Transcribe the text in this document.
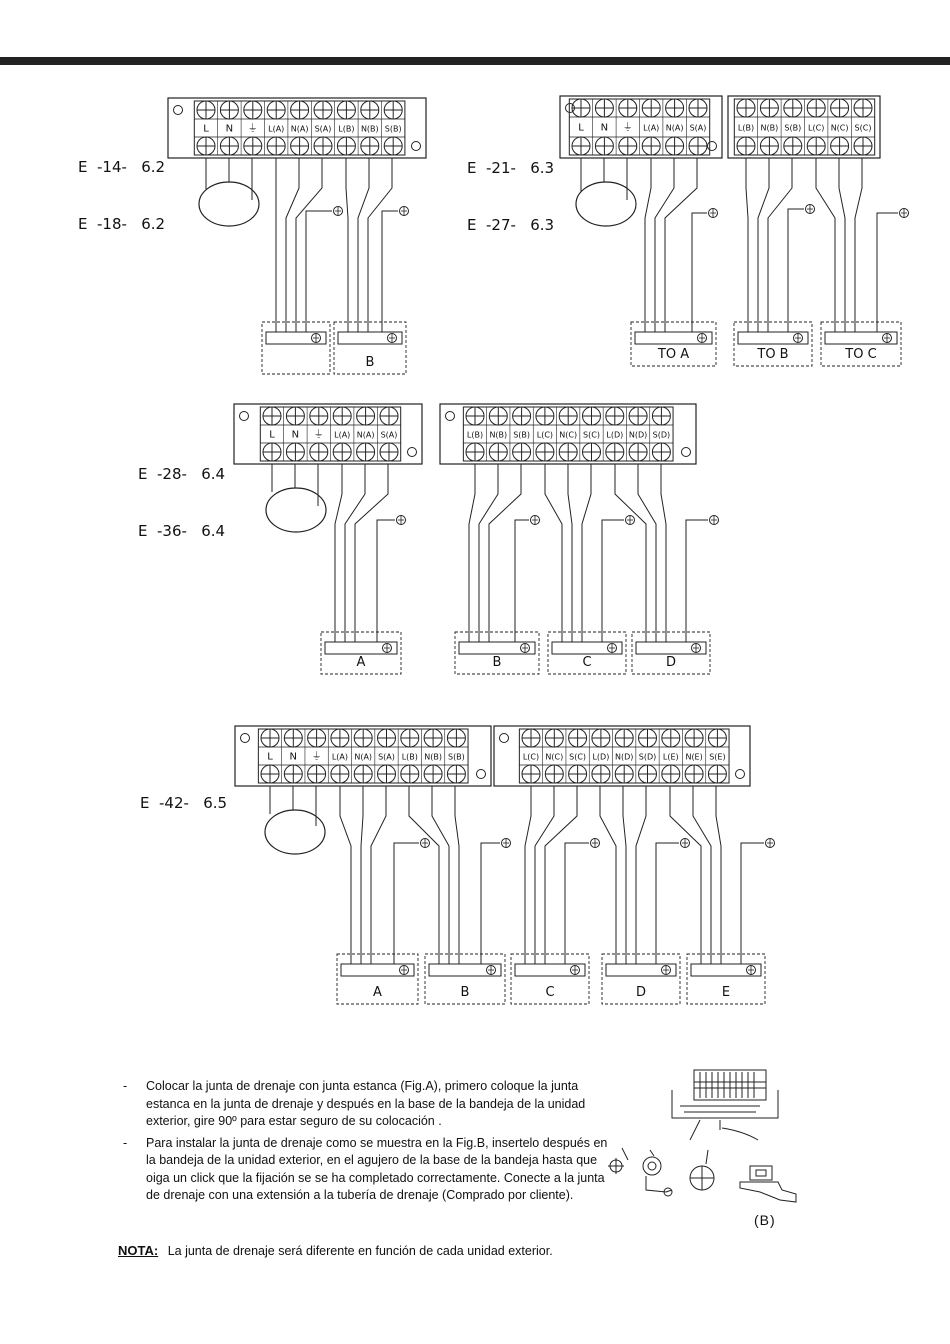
L N ⏚ L(A) N(A) S(A) L(B) N(B) S(B)
B
L N ⏚ L(A) N(A) S(A)	L(B) N(B) S(B) L(C) N(C) S(C)
TO A	TO B	TO C
L N ⏚ L(A) N(A) S(A)	L(B) N(B) S(B) L(C) N(C) S(C) L(D) N(D) S(D)
A	B	C	D
L N ⏚ L(A) N(A) S(A) L(B) N(B) S(B)	L(C) N(C) S(C) L(D) N(D) S(D) L(E) N(E) S(E)
A	B	C	D	E

E  -14-   6.2

E  -18-   6.2

E  -21-   6.3

E  -27-   6.3

E  -28-   6.4

E  -36-   6.4

E  -42-   6.5

- Colocar la junta de drenaje con junta estanca (Fig.A), primero coloque la junta estanca en la junta de drenaje y después en la base de la bandeja de la unidad exterior, gire 90º para estar seguro de su colocación .
- Para instalar la junta de drenaje como se muestra en la Fig.B, insertelo después en la bandeja de la unidad exterior, en el agujero de la base de la bandeja hasta que oiga un click que la fijación se se ha completado correctamente. Conecte a la junta de drenaje con una extensión a la tubería de drenaje (Comprado por cliente).
NOTA: La junta de drenaje será diferente en función de cada unidad exterior.
(B)
